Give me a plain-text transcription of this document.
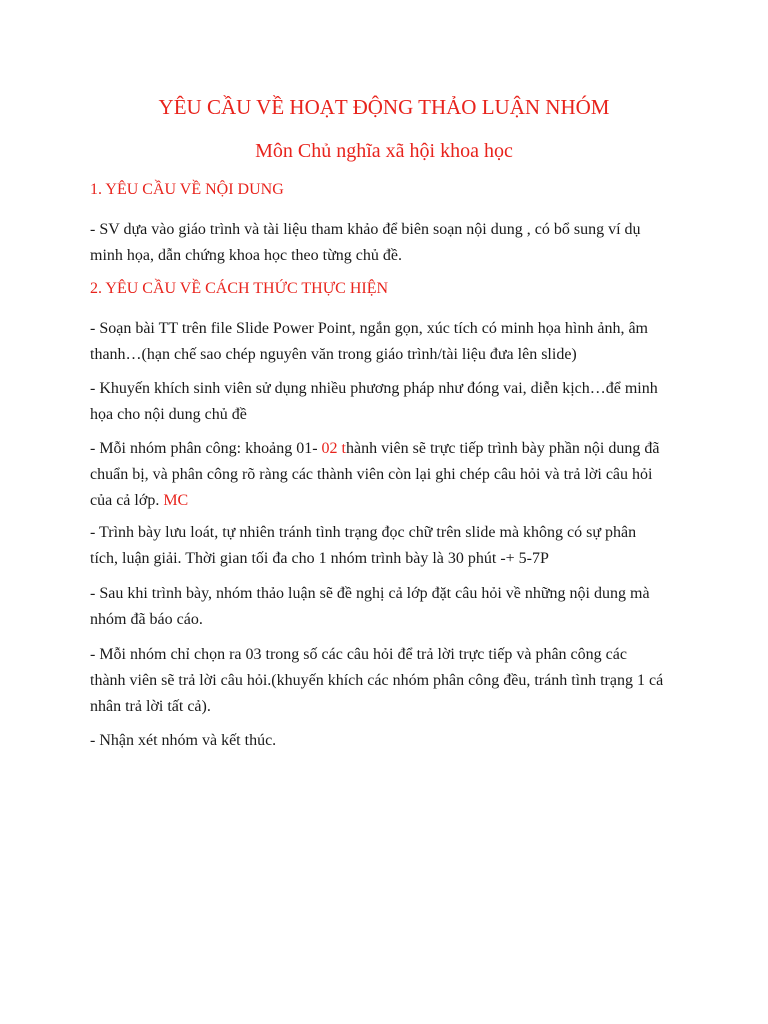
YÊU CẦU VỀ HOẠT ĐỘNG THẢO LUẬN NHÓM
Môn Chủ nghĩa xã hội khoa học
1. YÊU CẦU VỀ NỘI DUNG
- SV dựa vào giáo trình và tài liệu tham khảo để biên soạn nội dung , có bổ sung ví dụ
minh họa, dẫn chứng khoa học theo từng chủ đề.
2. YÊU CẦU VỀ CÁCH THỨC THỰC HIỆN
- Soạn bài TT trên file Slide Power Point, ngắn gọn, xúc tích có minh họa hình ảnh, âm
thanh…(hạn chế sao chép nguyên văn trong giáo trình/tài liệu đưa lên slide)
- Khuyến khích sinh viên sử dụng nhiều phương pháp như đóng vai, diễn kịch…để minh
họa cho nội dung chủ đề
- Mỗi nhóm phân công: khoảng 01- 02 thành viên sẽ trực tiếp trình bày phần nội dung đã
chuẩn bị, và phân công rõ ràng các thành viên còn lại ghi chép câu hỏi và trả lời câu hỏi
của cả lớp. MC
- Trình bày lưu loát, tự nhiên tránh tình trạng đọc chữ trên slide mà không có sự phân
tích, luận giải. Thời gian tối đa cho 1 nhóm trình bày là 30 phút -+ 5-7P
- Sau khi trình bày, nhóm thảo luận sẽ đề nghị cả lớp đặt câu hỏi về những nội dung mà
nhóm đã báo cáo.
- Mỗi nhóm chỉ chọn ra 03 trong số các câu hỏi để trả lời trực tiếp và phân công các
thành viên sẽ trả lời câu hỏi.(khuyến khích các nhóm phân công đều, tránh tình trạng 1 cá
nhân trả lời tất cả).
- Nhận xét nhóm và kết thúc.
